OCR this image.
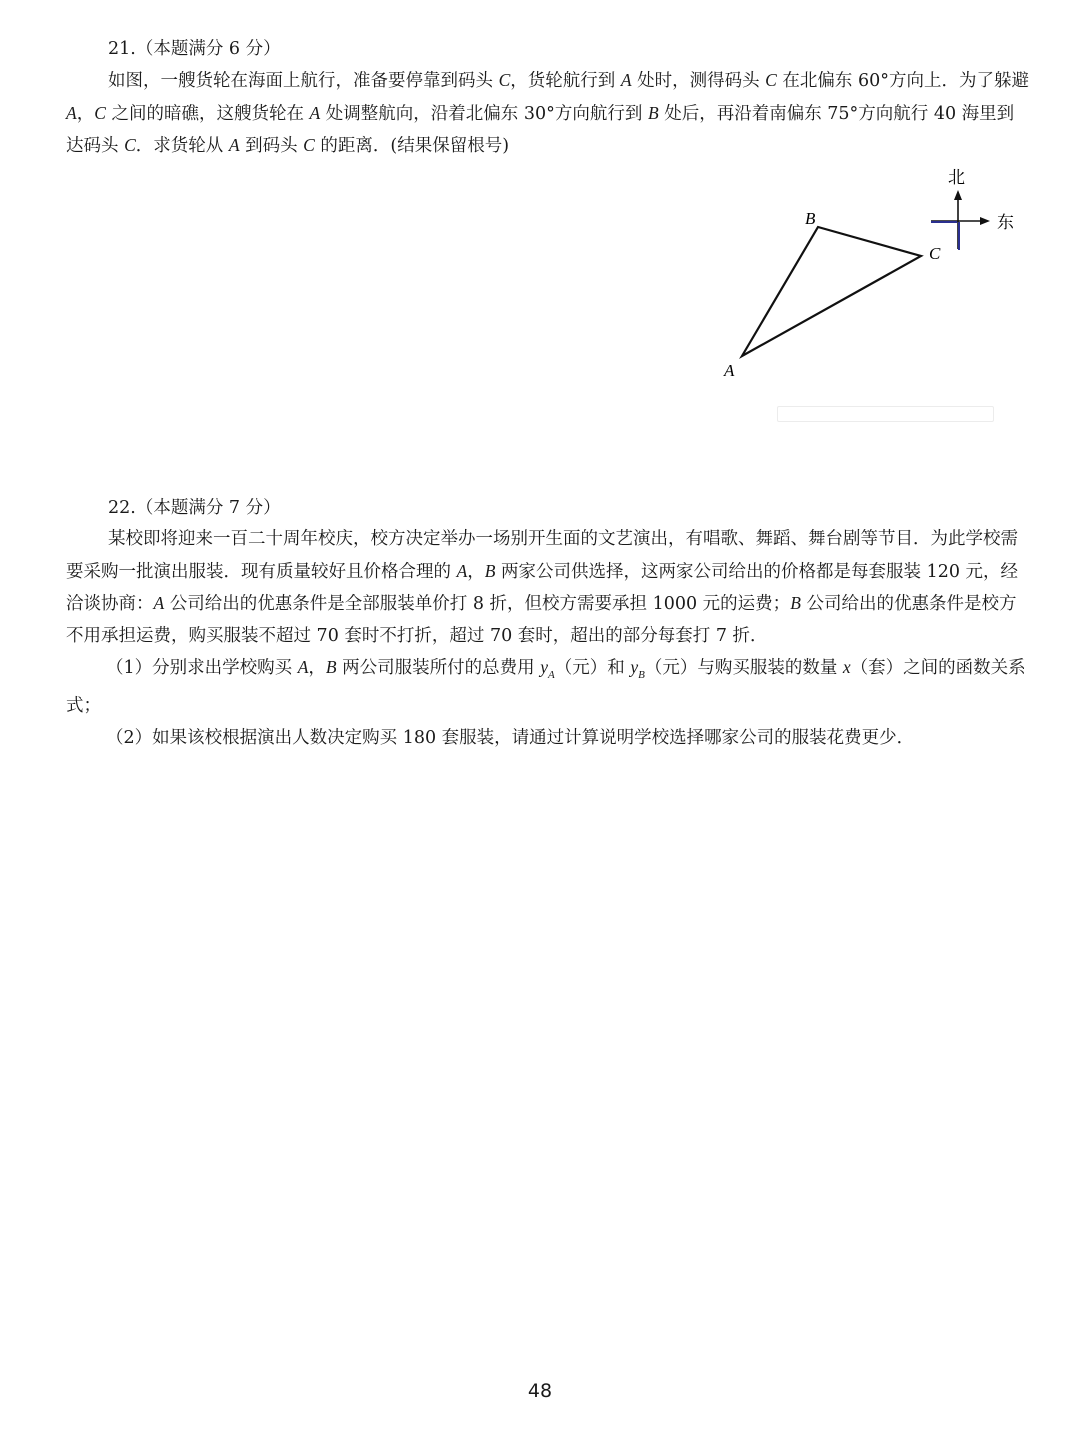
21.（本题满分 6 分）

如图，一艘货轮在海面上航行，准备要停靠到码头 C，货轮航行到 A 处时，测得码头 C 在北偏东 60°方向上．为了躲避 A，C 之间的暗礁，这艘货轮在 A 处调整航向，沿着北偏东 30°方向航行到 B 处后，再沿着南偏东 75°方向航行 40 海里到达码头 C．求货轮从 A 到码头 C 的距离．(结果保留根号)

B
C
A
北
东
22.（本题满分 7 分）

某校即将迎来一百二十周年校庆，校方决定举办一场别开生面的文艺演出，有唱歌、舞蹈、舞台剧等节目．为此学校需要采购一批演出服装．现有质量较好且价格合理的 A，B 两家公司供选择，这两家公司给出的价格都是每套服装 120 元，经洽谈协商：A 公司给出的优惠条件是全部服装单价打 8 折，但校方需要承担 1000 元的运费；B 公司给出的优惠条件是校方不用承担运费，购买服装不超过 70 套时不打折，超过 70 套时，超出的部分每套打 7 折．

（1）分别求出学校购买 A，B 两公司服装所付的总费用 $y_A$（元）和 $y_B$（元）与购买服装的数量 x（套）之间的函数关系式；

（2）如果该校根据演出人数决定购买 180 套服装，请通过计算说明学校选择哪家公司的服装花费更少．

48
